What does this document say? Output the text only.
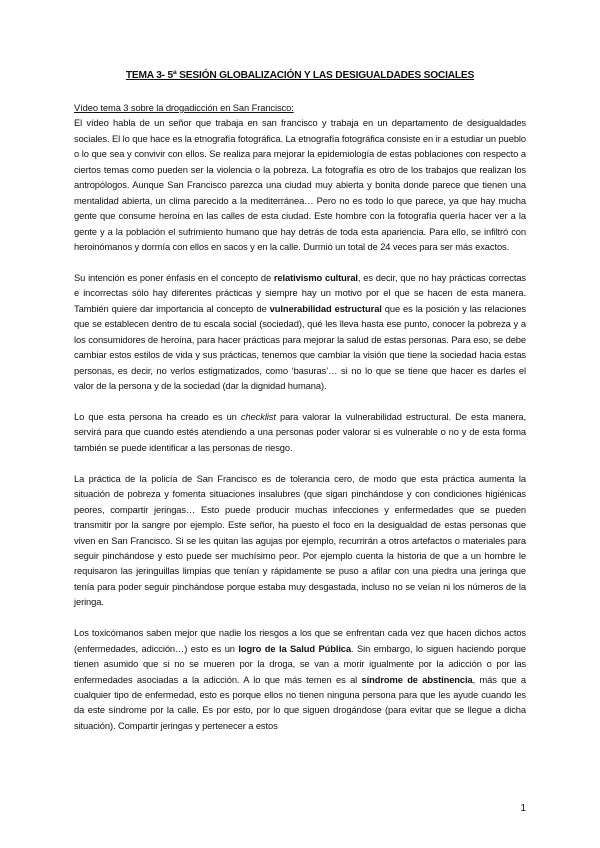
TEMA 3- 5ª SESIÓN GLOBALIZACIÓN Y LAS DESIGUALDADES SOCIALES

Vídeo tema 3 sobre la drogadicción en San Francisco:
El vídeo habla de un señor que trabaja en san francisco y trabaja en un departamento de desigualdades sociales. El lo que hace es la etnografía fotográfica. La etnografía fotográfica consiste en ir a estudiar un pueblo o lo que sea y convivir con ellos. Se realiza para mejorar la epidemiología de estas poblaciones con respecto a ciertos temas como pueden ser la violencia o la pobreza. La fotografía es otro de los trabajos que realizan los antropólogos. Aunque San Francisco parezca una ciudad muy abierta y bonita donde parece que tienen una mentalidad abierta, un clima parecido a la mediterránea… Pero no es todo lo que parece, ya que hay mucha gente que consume heroína en las calles de esta ciudad. Este hombre con la fotografía quería hacer ver a la gente y a la población el sufrimiento humano que hay detrás de toda esta apariencia. Para ello, se infiltró con heroinómanos y dormía con ellos en sacos y en la calle. Durmió un total de 24 veces para ser más exactos.

Su intención es poner énfasis en el concepto de relativismo cultural, es decir, que no hay prácticas correctas e incorrectas sólo hay diferentes prácticas y siempre hay un motivo por el que se hacen de esta manera. También quiere dar importancia al concepto de vulnerabilidad estructural que es la posición y las relaciones que se establecen dentro de tu escala social (sociedad), qué les lleva hasta ese punto, conocer la pobreza y a los consumidores de heroína, para hacer prácticas para mejorar la salud de estas personas. Para eso, se debe cambiar estos estilos de vida y sus prácticas, tenemos que cambiar la visión que tiene la sociedad hacia estas personas, es decir, no verlos estigmatizados, como ‘basuras’… si no lo que se tiene que hacer es darles el valor de la persona y de la sociedad (dar la dignidad humana).

Lo que esta persona ha creado es un checklist para valorar la vulnerabilidad estructural. De esta manera, servirá para que cuando estés atendiendo a una personas poder valorar si es vulnerable o no y de esta forma también se puede identificar a las personas de riesgo.

La práctica de la policía de San Francisco es de tolerancia cero, de modo que esta práctica aumenta la situación de pobreza y fomenta situaciones insalubres (que sigan pinchándose y con condiciones higiénicas peores, compartir jeringas… Esto puede producir muchas infecciones y enfermedades que se pueden transmitir por la sangre por ejemplo. Este señor, ha puesto el foco en la desigualdad de estas personas que viven en San Francisco. Si se les quitan las agujas por ejemplo, recurrirán a otros artefactos o materiales para seguir pinchándose y esto puede ser muchísimo peor. Por ejemplo cuenta la historia de que a un hombre le requisaron las jeringuillas limpias que tenían y rápidamente se puso a afilar con una piedra una jeringa que tenía para poder seguir pinchándose porque estaba muy desgastada, incluso no se veían ni los números de la jeringa.

Los toxicómanos saben mejor que nadie los riesgos a los que se enfrentan cada vez que hacen dichos actos (enfermedades, adicción…) esto es un logro de la Salud Pública. Sin embargo, lo siguen haciendo porque tienen asumido que si no se mueren por la droga, se van a morir igualmente por la adicción o por las enfermedades asociadas a la adicción. A lo que más temen es al síndrome de abstinencia, más que a cualquier tipo de enfermedad, esto es porque ellos no tienen ninguna persona para que les ayude cuando les da este síndrome por la calle. Es por esto, por lo que siguen drogándose (para evitar que se llegue a dicha situación). Compartir jeringas y pertenecer a estos

1
